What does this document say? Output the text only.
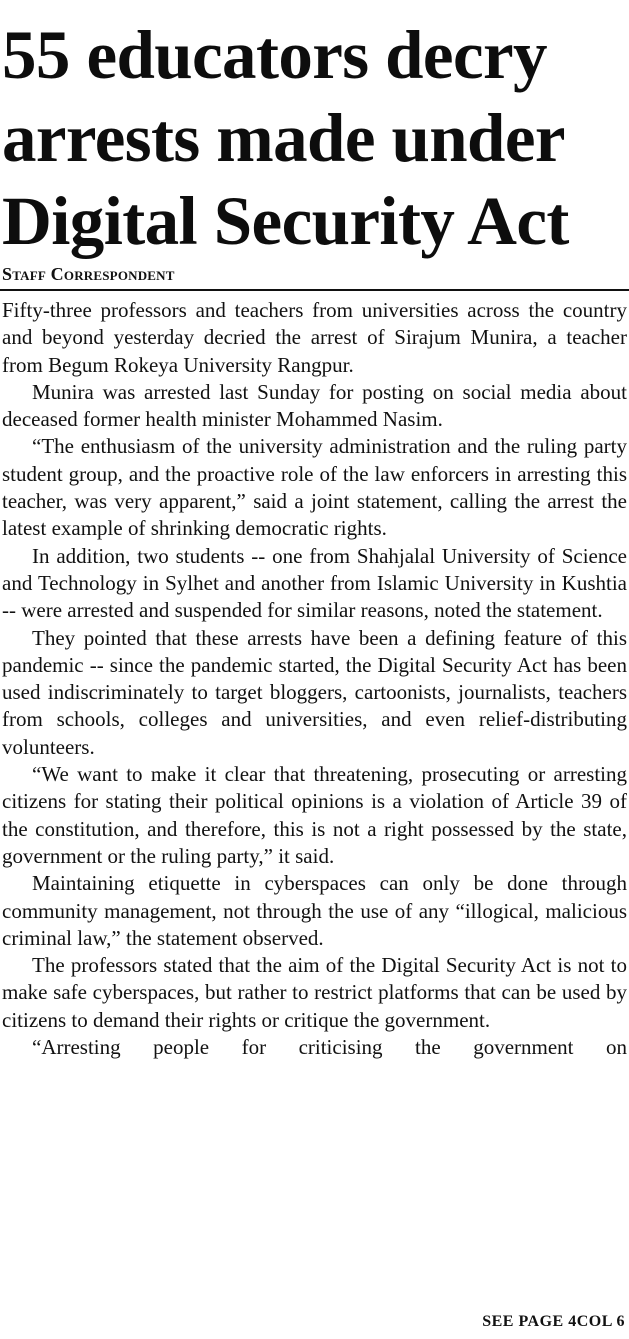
55 educators decry
arrests made under
Digital Security Act
Staff Correspondent

Fifty-three professors and teachers from universities across the country and beyond yesterday decried the arrest of Sirajum Munira, a teacher from Begum Rokeya University Rangpur.

Munira was arrested last Sunday for posting on social media about deceased former health minister Mohammed Nasim.

“The enthusiasm of the university administration and the ruling party student group, and the proactive role of the law enforcers in arresting this teacher, was very apparent,” said a joint statement, calling the arrest the latest example of shrinking democratic rights.

In addition, two students -- one from Shahjalal University of Science and Technology in Sylhet and another from Islamic University in Kushtia -- were arrested and suspended for similar reasons, noted the statement.

They pointed that these arrests have been a defining feature of this pandemic -- since the pandemic started, the Digital Security Act has been used indiscriminately to target bloggers, cartoonists, journalists, teachers from schools, colleges and universities, and even relief-distributing volunteers.

“We want to make it clear that threatening, prosecuting or arresting citizens for stating their political opinions is a violation of Article 39 of the constitution, and therefore, this is not a right possessed by the state, government or the ruling party,” it said.

Maintaining etiquette in cyberspaces can only be done through community management, not through the use of any “illogical, malicious criminal law,” the statement observed.

The professors stated that the aim of the Digital Security Act is not to make safe cyberspaces, but rather to restrict platforms that can be used by citizens to demand their rights or critique the government.

“Arresting people for criticising the government on

SEE PAGE 4COL 6
